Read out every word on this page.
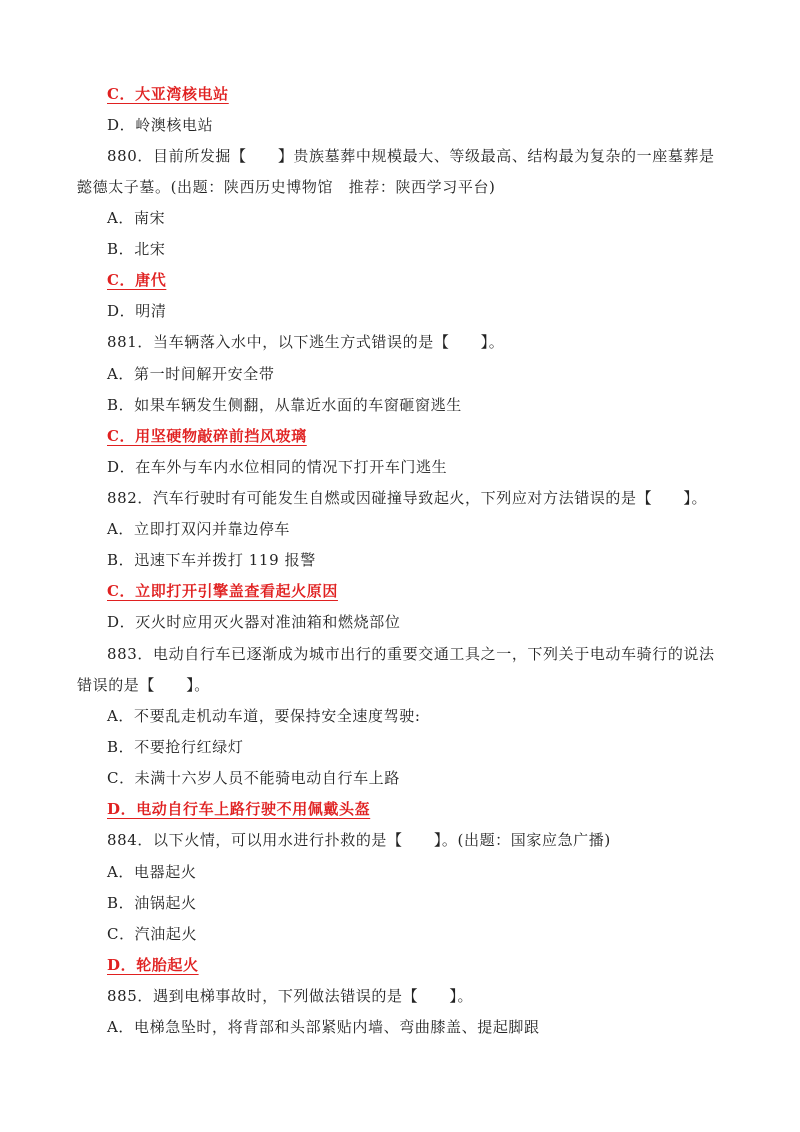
C．大亚湾核电站
D．岭澳核电站
880．目前所发掘【　　】贵族墓葬中规模最大、等级最高、结构最为复杂的一座墓葬是
懿德太子墓。(出题：陕西历史博物馆　推荐：陕西学习平台)
A．南宋
B．北宋
C．唐代
D．明清
881．当车辆落入水中，以下逃生方式错误的是【　　】。
A．第一时间解开安全带
B．如果车辆发生侧翻，从靠近水面的车窗砸窗逃生
C．用坚硬物敲碎前挡风玻璃
D．在车外与车内水位相同的情况下打开车门逃生
882．汽车行驶时有可能发生自燃或因碰撞导致起火，下列应对方法错误的是【　　】。
A．立即打双闪并靠边停车
B．迅速下车并拨打 119 报警
C．立即打开引擎盖查看起火原因
D．灭火时应用灭火器对准油箱和燃烧部位
883．电动自行车已逐渐成为城市出行的重要交通工具之一，下列关于电动车骑行的说法
错误的是【　　】。
A．不要乱走机动车道，要保持安全速度驾驶:
B．不要抢行红绿灯
C．未满十六岁人员不能骑电动自行车上路
D．电动自行车上路行驶不用佩戴头盔
884．以下火情，可以用水进行扑救的是【　　】。(出题：国家应急广播)
A．电器起火
B．油锅起火
C．汽油起火
D．轮胎起火
885．遇到电梯事故时，下列做法错误的是【　　】。
A．电梯急坠时，将背部和头部紧贴内墙、弯曲膝盖、提起脚跟
